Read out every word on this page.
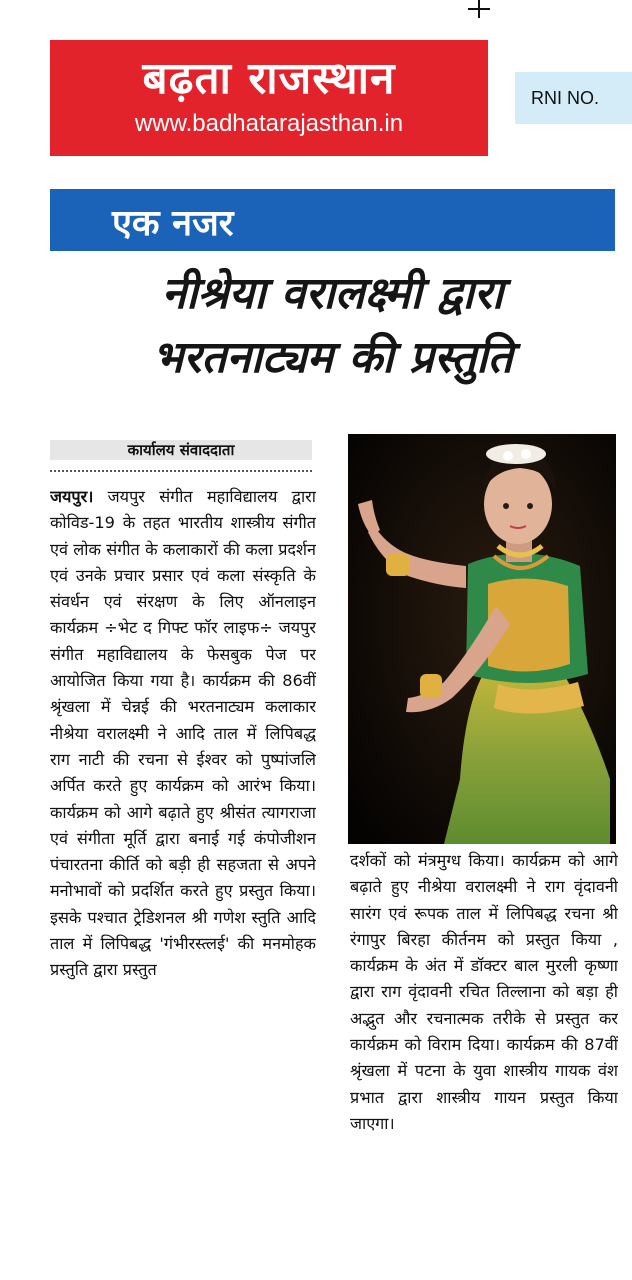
बढ़ता राजस्थान
www.badhatarajasthan.in
RNI NO.
एक नजर
नीश्रेया वरालक्ष्मी द्वारा
भरतनाट्यम की प्रस्तुति
कार्यालय संवाददाता
जयपुर। जयपुर संगीत महाविद्यालय द्वारा कोविड-19 के तहत भारतीय शास्त्रीय संगीत एवं लोक संगीत के कलाकारों की कला प्रदर्शन एवं उनके प्रचार प्रसार एवं कला संस्कृति के संवर्धन एवं संरक्षण के लिए ऑनलाइन कार्यक्रम ÷भेट द गिफ्ट फॉर लाइफ÷ जयपुर संगीत महाविद्यालय के फेसबुक पेज पर आयोजित किया गया है। कार्यक्रम की 86वीं श्रृंखला में चेन्नई की भरतनाट्यम कलाकार नीश्रेया वरालक्ष्मी ने आदि ताल में लिपिबद्ध राग नाटी की रचना से ईश्वर को पुष्पांजलि अर्पित करते हुए कार्यक्रम को आरंभ किया। कार्यक्रम को आगे बढ़ाते हुए श्रीसंत त्यागराजा एवं संगीता मूर्ति द्वारा बनाई गई कंपोजीशन पंचारतना कीर्ति को बड़ी ही सहजता से अपने मनोभावों को प्रदर्शित करते हुए प्रस्तुत किया। इसके पश्चात ट्रेडिशनल श्री गणेश स्तुति आदि ताल में लिपिबद्ध 'गंभीरस्त्लई' की मनमोहक प्रस्तुति द्वारा प्रस्तुत
दर्शकों को मंत्रमुग्ध किया। कार्यक्रम को आगे बढ़ाते हुए नीश्रेया वरालक्ष्मी ने राग वृंदावनी सारंग एवं रूपक ताल में लिपिबद्ध रचना श्री रंगापुर बिरहा कीर्तनम को प्रस्तुत किया , कार्यक्रम के अंत में डॉक्टर बाल मुरली कृष्णा द्वारा राग वृंदावनी रचित तिल्लाना को बड़ा ही अद्भुत और रचनात्मक तरीके से प्रस्तुत कर कार्यक्रम को विराम दिया। कार्यक्रम की 87वीं श्रृंखला में पटना के युवा शास्त्रीय गायक वंश प्रभात द्वारा शास्त्रीय गायन प्रस्तुत किया जाएगा।
